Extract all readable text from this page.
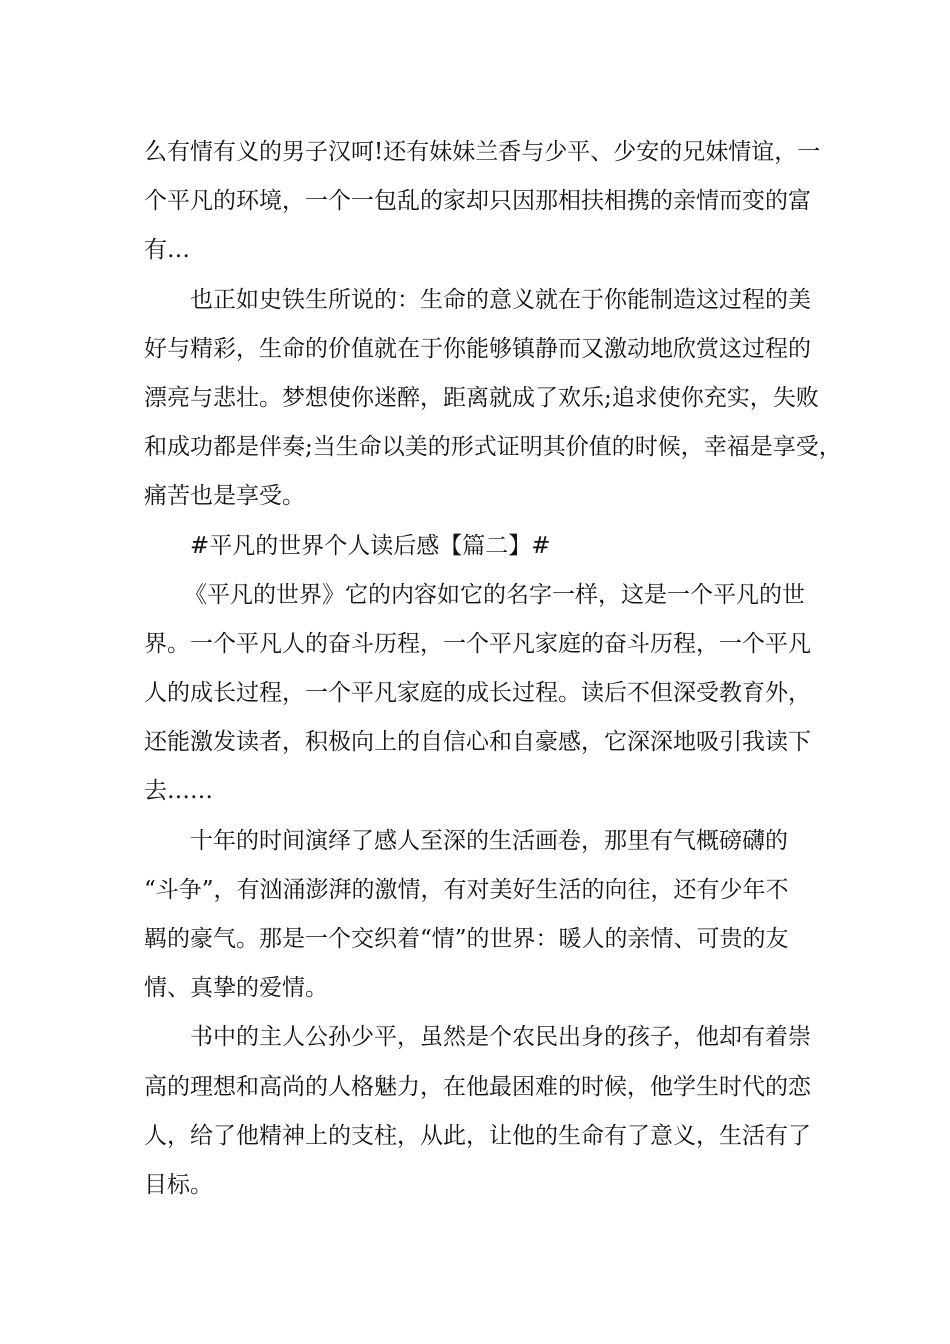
么有情有义的男子汉呵!还有妹妹兰香与少平、少安的兄妹情谊，一
个平凡的环境，一个一包乱的家却只因那相扶相携的亲情而变的富
有…
也正如史铁生所说的：生命的意义就在于你能制造这过程的美
好与精彩，生命的价值就在于你能够镇静而又激动地欣赏这过程的
漂亮与悲壮。梦想使你迷醉，距离就成了欢乐;追求使你充实，失败
和成功都是伴奏;当生命以美的形式证明其价值的时候，幸福是享受，
痛苦也是享受。
#平凡的世界个人读后感【篇二】#
《平凡的世界》它的内容如它的名字一样，这是一个平凡的世
界。一个平凡人的奋斗历程，一个平凡家庭的奋斗历程，一个平凡
人的成长过程，一个平凡家庭的成长过程。读后不但深受教育外，
还能激发读者，积极向上的自信心和自豪感，它深深地吸引我读下
去……
十年的时间演绎了感人至深的生活画卷，那里有气概磅礴的
“斗争”，有汹涌澎湃的激情，有对美好生活的向往，还有少年不
羁的豪气。那是一个交织着“情”的世界：暖人的亲情、可贵的友
情、真挚的爱情。
书中的主人公孙少平，虽然是个农民出身的孩子，他却有着崇
高的理想和高尚的人格魅力，在他最困难的时候，他学生时代的恋
人，给了他精神上的支柱，从此，让他的生命有了意义，生活有了
目标。
